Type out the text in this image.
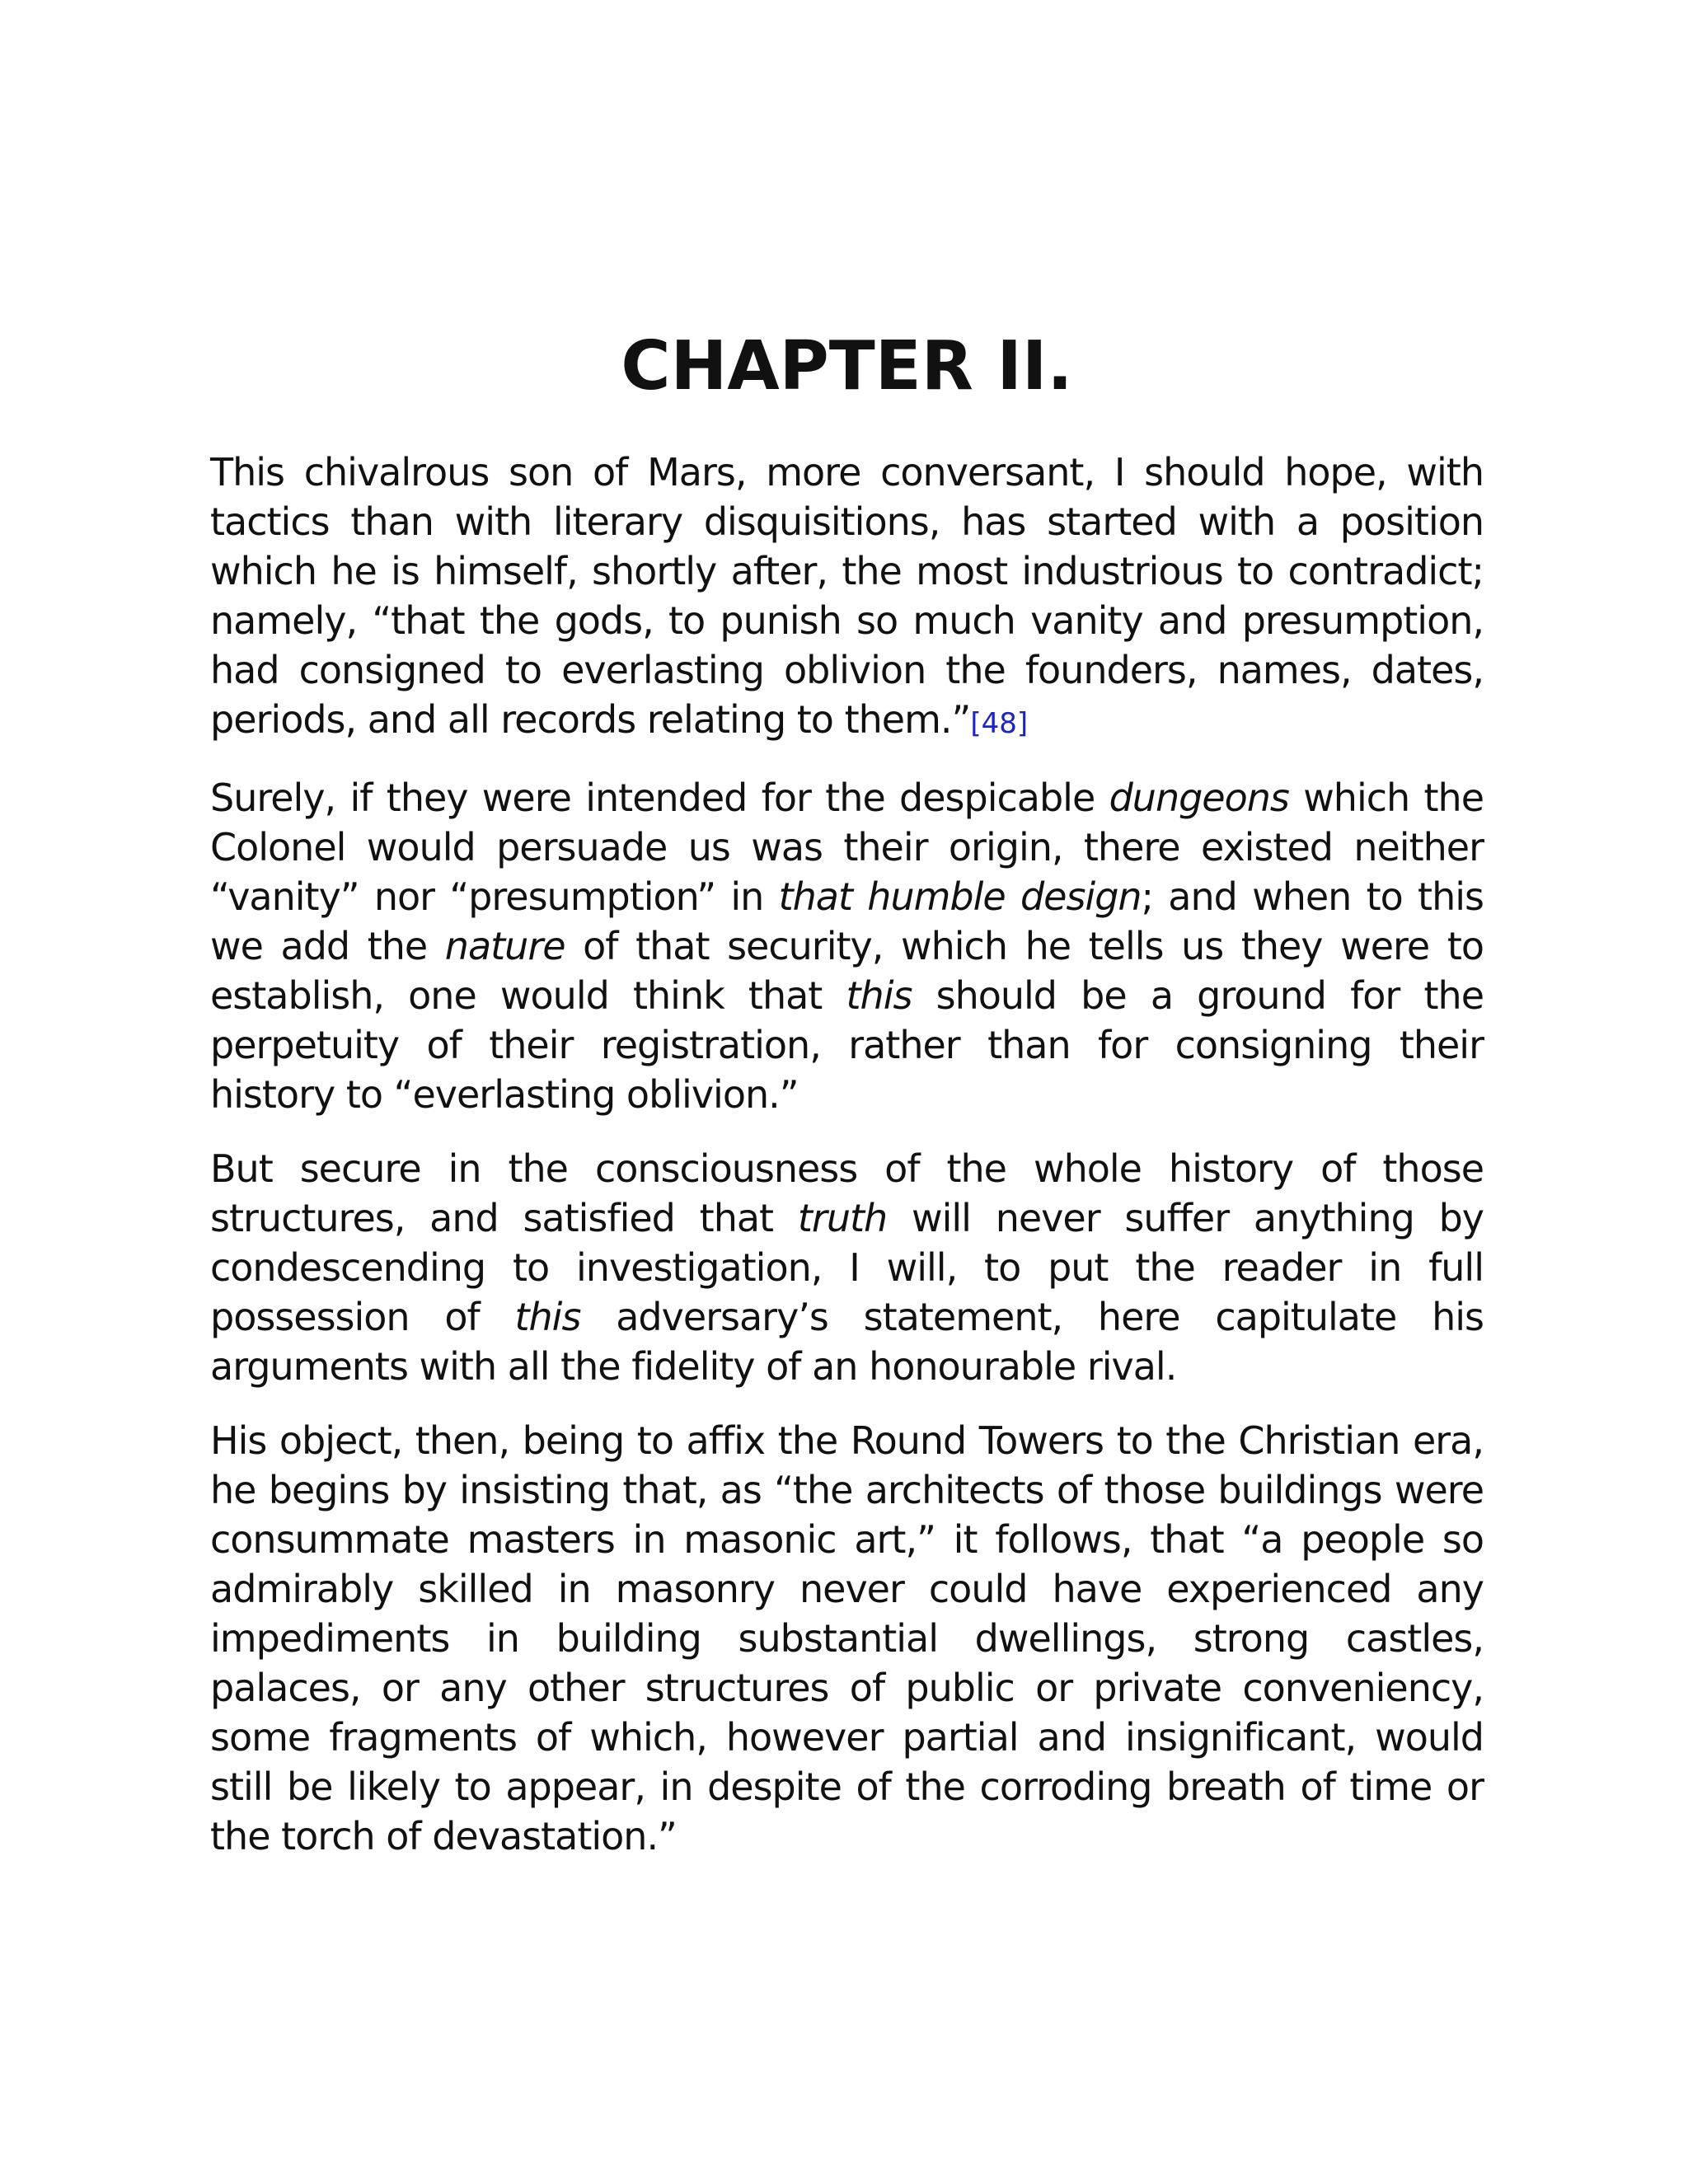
CHAPTER II.

This chivalrous son of Mars, more conversant, I should hope, with tactics than with literary disquisitions, has started with a position which he is himself, shortly after, the most industrious to contradict; namely, “that the gods, to punish so much vanity and presumption, had consigned to everlasting oblivion the founders, names, dates, periods, and all records relating to them.”[48]

Surely, if they were intended for the despicable dungeons which the Colonel would persuade us was their origin, there existed neither “vanity” nor “presumption” in that humble design; and when to this we add the nature of that security, which he tells us they were to establish, one would think that this should be a ground for the perpetuity of their registration, rather than for consigning their history to “everlasting oblivion.”

But secure in the consciousness of the whole history of those structures, and satisfied that truth will never suffer anything by condescending to investigation, I will, to put the reader in full possession of this adversary’s statement, here capitulate his arguments with all the fidelity of an honourable rival.

His object, then, being to affix the Round Towers to the Christian era, he begins by insisting that, as “the architects of those buildings were consummate masters in masonic art,” it follows, that “a people so admirably skilled in masonry never could have experienced any impediments in building substantial dwellings, strong castles, palaces, or any other structures of public or private conveniency, some fragments of which, however partial and insignificant, would still be likely to appear, in despite of the corroding breath of time or the torch of devastation.”
